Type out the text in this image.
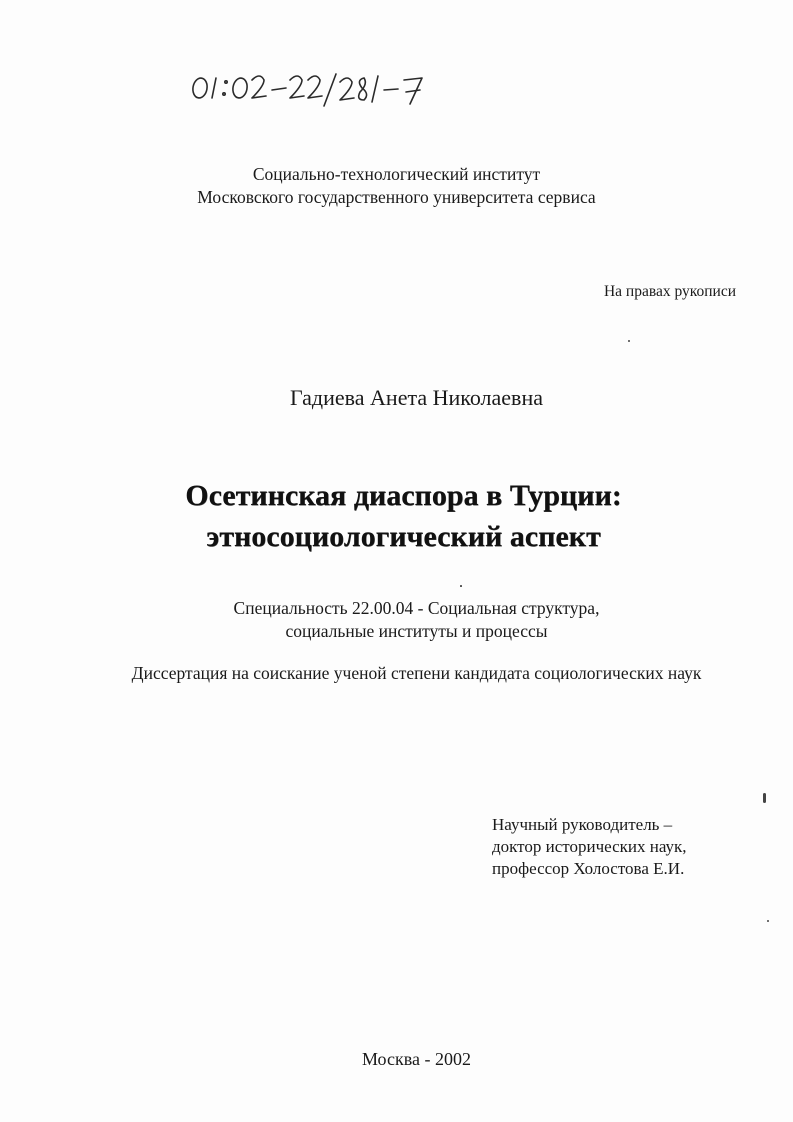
Социально-технологический институт
Московского государственного университета сервиса
На правах рукописи
Гадиева Анета Николаевна
Осетинская диаспора в Турции:
этносоциологический аспект
Специальность 22.00.04 - Социальная структура,
социальные институты и процессы
Диссертация на соискание ученой степени кандидата социологических наук
Научный руководитель –
доктор исторических наук,
профессор Холостова Е.И.
Москва - 2002
